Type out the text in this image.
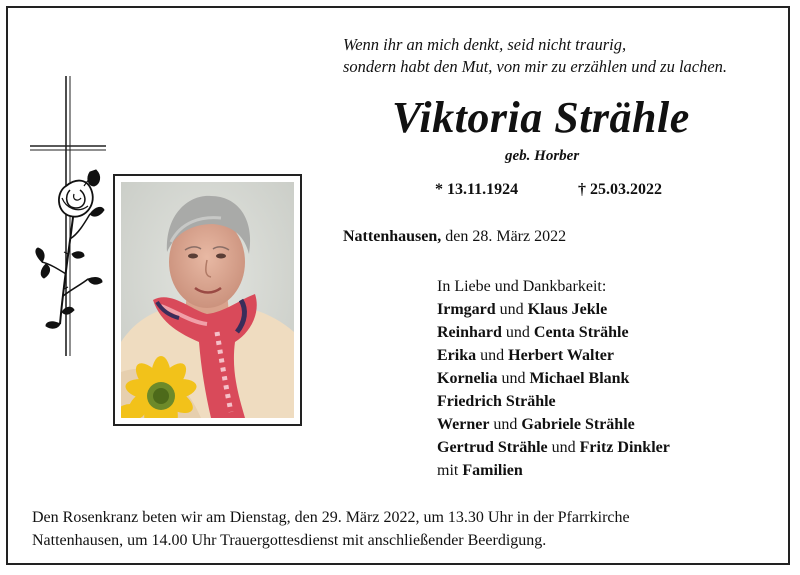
Wenn ihr an mich denkt, seid nicht traurig,
sondern habt den Mut, von mir zu erzählen und zu lachen.
Viktoria Strähle
geb. Horber
* 13.11.1924	† 25.03.2022
Nattenhausen, den 28. März 2022
In Liebe und Dankbarkeit:
Irmgard und Klaus Jekle
Reinhard und Centa Strähle
Erika und Herbert Walter
Kornelia und Michael Blank
Friedrich Strähle
Werner und Gabriele Strähle
Gertrud Strähle und Fritz Dinkler
mit Familien
Den Rosenkranz beten wir am Dienstag, den 29. März 2022, um 13.30 Uhr in der Pfarrkirche
Nattenhausen, um 14.00 Uhr Trauergottesdienst mit anschließender Beerdigung.
